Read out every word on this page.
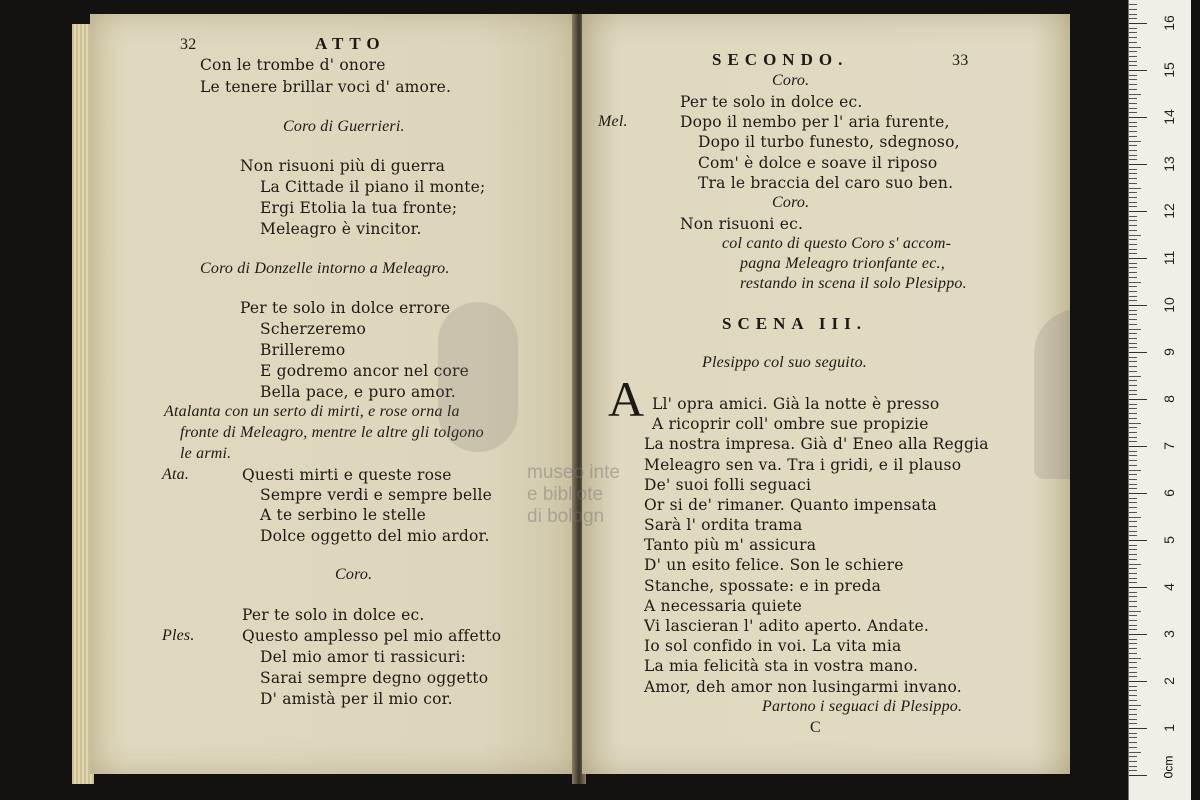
32	ATTO
Con le trombe d' onore
Le tenere brillar voci d' amore.
Coro di Guerrieri.
Non risuoni più di guerra
La Cittade il piano il monte;
Ergi Etolia la tua fronte;
Meleagro è vincitor.
Coro di Donzelle intorno a Meleagro.
Per te solo in dolce errore
Scherzeremo
Brilleremo
E godremo ancor nel core
Bella pace, e puro amor.
Atalanta con un serto di mirti, e rose orna la
fronte di Meleagro, mentre le altre gli tolgono
le armi.
Ata.	Questi mirti e queste rose
Sempre verdi e sempre belle
A te serbino le stelle
Dolce oggetto del mio ardor.
Coro.
Per te solo in dolce ec.
Ples.	Questo amplesso pel mio affetto
Del mio amor ti rassicuri:
Sarai sempre degno oggetto
D' amistà per il mio cor.
SECONDO.	33
Coro.
Per te solo in dolce ec.
Mel.	Dopo il nembo per l' aria furente,
Dopo il turbo funesto, sdegnoso,
Com' è dolce e soave il riposo
Tra le braccia del caro suo ben.
Coro.
Non risuoni ec.
col canto di questo Coro s' accom-
pagna Meleagro trionfante ec.,
restando in scena il solo Plesippo.
SCENA III.
Plesippo col suo seguito.
A Ll' opra amici. Già la notte è presso
A ricoprir coll' ombre sue propizie
La nostra impresa. Già d' Eneo alla Reggia
Meleagro sen va. Tra i gridi, e il plauso
De' suoi folli seguaci
Or si de' rimaner. Quanto impensata
Sarà l' ordita trama
Tanto più m' assicura
D' un esito felice. Son le schiere
Stanche, spossate: e in preda
A necessaria quiete
Vi lascieran l' adito aperto. Andate.
Io sol confido in voi. La vita mia
La mia felicità sta in vostra mano.
Amor, deh amor non lusingarmi invano.
Partono i seguaci di Plesippo.
C
museo inte
e bibliote
di bologn
0cm
1
2
3
4
5
6
7
8
9
10
11
12
13
14
15
16
